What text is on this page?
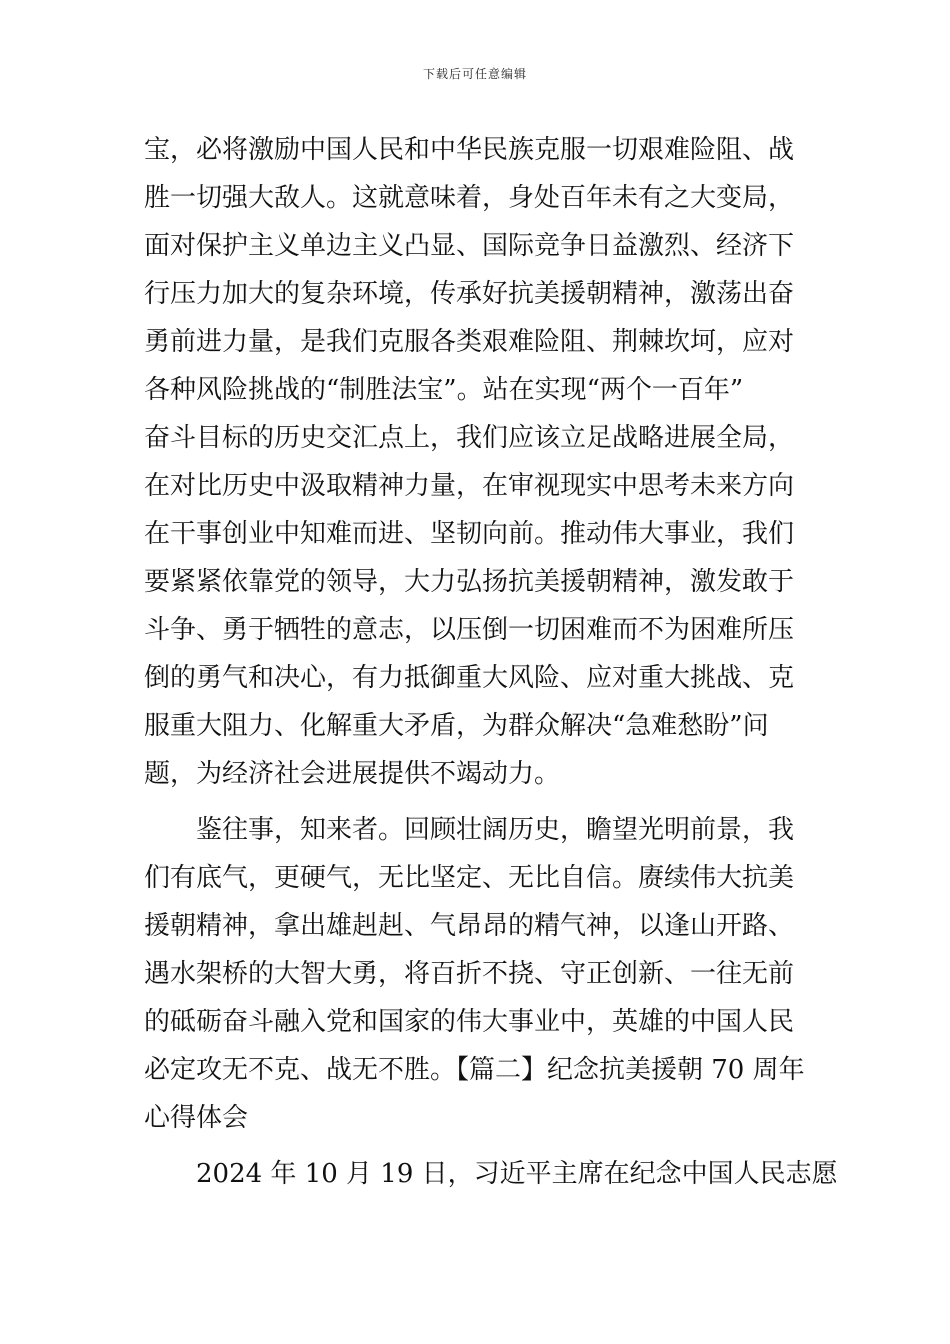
下载后可任意编辑
宝，必将激励中国人民和中华民族克服一切艰难险阻、战
胜一切强大敌人。这就意味着，身处百年未有之大变局，
面对保护主义单边主义凸显、国际竞争日益激烈、经济下
行压力加大的复杂环境，传承好抗美援朝精神，激荡出奋
勇前进力量，是我们克服各类艰难险阻、荆棘坎坷，应对
各种风险挑战的“制胜法宝”。站在实现“两个一百年”
奋斗目标的历史交汇点上，我们应该立足战略进展全局，
在对比历史中汲取精神力量，在审视现实中思考未来方向
在干事创业中知难而进、坚韧向前。推动伟大事业，我们
要紧紧依靠党的领导，大力弘扬抗美援朝精神，激发敢于
斗争、勇于牺牲的意志，以压倒一切困难而不为困难所压
倒的勇气和决心，有力抵御重大风险、应对重大挑战、克
服重大阻力、化解重大矛盾，为群众解决“急难愁盼”问
题，为经济社会进展提供不竭动力。
鉴往事，知来者。回顾壮阔历史，瞻望光明前景，我
们有底气，更硬气，无比坚定、无比自信。赓续伟大抗美
援朝精神，拿出雄赳赳、气昂昂的精气神，以逢山开路、
遇水架桥的大智大勇，将百折不挠、守正创新、一往无前
的砥砺奋斗融入党和国家的伟大事业中，英雄的中国人民
必定攻无不克、战无不胜。【篇二】纪念抗美援朝 70 周年
心得体会
2024 年 10 月 19 日，习近平主席在纪念中国人民志愿
